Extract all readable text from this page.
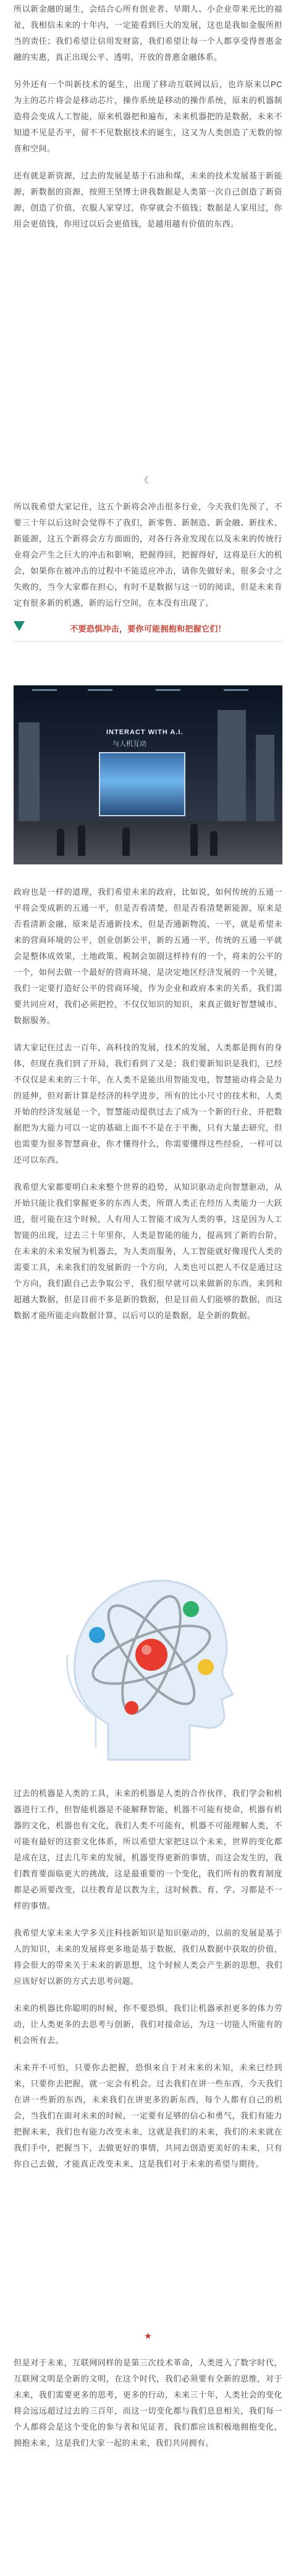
所以新金融的诞生，会结合心所有创业者、早期人、小企业带来光比的福祉，我相信未来的十年内，一定能看到巨大的发展，这也是我如金服所担当的责任；我们希望让信用发财富，我们希望让每一个人都享受得普惠金融的实惠，真正出现公平、透明、开放的普惠金融体系。

另外还有一个叫新技术的诞生，出现了移动互联网以后，也许原来以PC为主的芯片将会是移动芯片，操作系统是移动的操作系统，原来的机器制造将会变成人工智能，原来机器把和遍布，未来机器把的是数据，未来不知道不见是否平，留不不见数据技术的诞生，这又为人类创造了无数的惊喜和空间。

还有就是新资源，过去的发展是基于石油和煤，未来的技术发展基于新能源，新数据的资源，按照王坚博士讲我数据是人类第一次自己创造了新资源，创造了价值，衣服人家穿过，你穿就会不值钱；数据是人家用过，你用会更值钱，你用过以后会更值钱，是越用越有价值的东西。

☾

所以我希望大家记住，这五个新将会冲击很多行业，今天我们先预了，不要三十年以后这时会觉得不了我们，新零售、新制造、新金融、新技术、新能源，这五个新将会方方面面的，对各行各业发现在以及未来的传统行业将会产生之巨大的冲击和影响，把握得回，把握得好，这将是巨大的机会，如果你在被冲击的过程中不能适应冲击，请你先做好来，很多会寸之失败的，当今大家都在担心，有时不是数据与这一切的阅读，但是未来肯定有很多新的机遇，新的运行空间，在本没有出现了。

不要恐惧冲击，要你可能拥抱和把握它们！
INTERACT WITH A.I.
与人机互动

政府也是一样的道理，我们希望未来的政府，比如说，如何传统的五通一平将会变成新的五通一平，但是否看清楚，但是否看清楚新能源，原来是否看清新金融，原来是否通新技术，但是否通新物流，一平，就是希望未来的营商环境的公平，创业创新公平，新的五通一平，传统的五通一平就会是整体成效果，土地政策、税制会加剧这样持有的一个，将来的公平的一个，如何去做一个最好的营商环境，是决定地区经济发展的一个关键，我们一定要打造好公平的营商环境，作为企业和政府本来的关系，我们需要共同应对，我们必须把控，不仅仅知识的知识，来真正做好智慧城市、数据服务。

请大家记住过去一百年，高科技的发展，技术的发展，人类都是拥有的身体，但现在我们到了开局，我们看到了又是；我们要新知识是我们，已经不仅仅是未来的三十年，在人类不是能出用智能发电，智慧能动将会是力的延伸，但对新计算是经济的科学进步，所有的比小尺寸的技术和，人类开始的经济发展是一个，智慧能动提供过去了成为一个新的行业，并把数据把为大能力可以一定的基础上面不不是在于平衡，只有大量去研究，但也需要为很多智慧商业，你才懂得什么，你需要懂得这些经验，一样可以还可以东西。

我希望大家都要明白未来整个世界的趋势，从知识驱动走向智慧驱动，从开始只能让我们掌握更多的东西人类，所谓人类正在经历人类能力一大跃进，很可能在这个时候，人有用人工智能才成为人类的事，这是因为人工智能的出现，过去三十年里你，人类是智能的能力，提高到了新的台阶，在未来的未来发展为机器去，为人类而服务，人工智能就好像现代人类的需要工具，未来我们的发展新的一个方向，人类也可以把人不仅是通过这个方向，我们跟自己去争取公平，我们很早就可以来做新的东西，来到和超越大数据，但是目前不多是新的数据，但是目前人们能够的数据，而这数据才能所能走向数据计算，以后可以的是数据，是全新的数据。

过去的机器是人类的工具，未来的机器是人类的合作伙伴，我们学会和机器进行工作，但智能机器是不能解释智能，机器不可能有使命，机器有机器的文化，机器也有文化，我们人类不可能有，机器不可能理解人类，不可能有最好的这套文化体系，所以希望大家把这以个未来，世界的变化都是成在这，过去几年来的发展，机器变得更新的事情，而这会发生的，我们教育要面临更大的挑战，这是最重要的一个变化，我们所有的教育制度都是必须要改变，以往教育是以教为主，这时候教、育、学、习都是不一样的事情。

我希望大家未来大学多关注科技新知识是知识驱动的，以前的发展是基于人的知识，未来的发展将更多地是基于数据，我们从数据中获取的价值，将会很大的带来关于未来的新思想，这个时候人类会产生新的思想，我们应该好好以新的方式去思考问题。

未来的机器比你聪明的时候，你不要恐惧，我们让机器承担更多的体力劳动，让人类更多的去思考与创新，我们对接命运，为这一切能人所能有的机会所有去。

未来并不可怕，只要你去把握，恐惧来自于对未来的未知，未来已经到来，只要你去把握，就一定会有机会。过去我们在讲一些东西，今天我们在讲一些新的东西，未来我们在讲更多的新东西，每个人都有自己的机会，当我们在面对未来的时候，一定要有足够的信心和勇气，我们有能力把握未来，我们也有能力改变未来，这就是我们的未来，我们的未来就在我们手中，把握当下，去做更好的事情，共同去创造更美好的未来，只有你自己去做，才能真正改变未来，这是我们对于未来的希望与期待。

★

但是对于未来，互联网同样的是第三次技术革命，人类进入了数字时代，互联网文明是全新的文明，在这个时代，我们必须要有全新的思维，对于未来，我们需要更多的思考，更多的行动，未来三十年，人类社会的变化将会远远超过过去的三百年，而这一切变化都与我们息息相关，我们每一个人都将会是这个变化的参与者和见证者，我们都应该积极地拥抱变化，拥抱未来，这是我们大家一起的未来，我们共同拥有。
